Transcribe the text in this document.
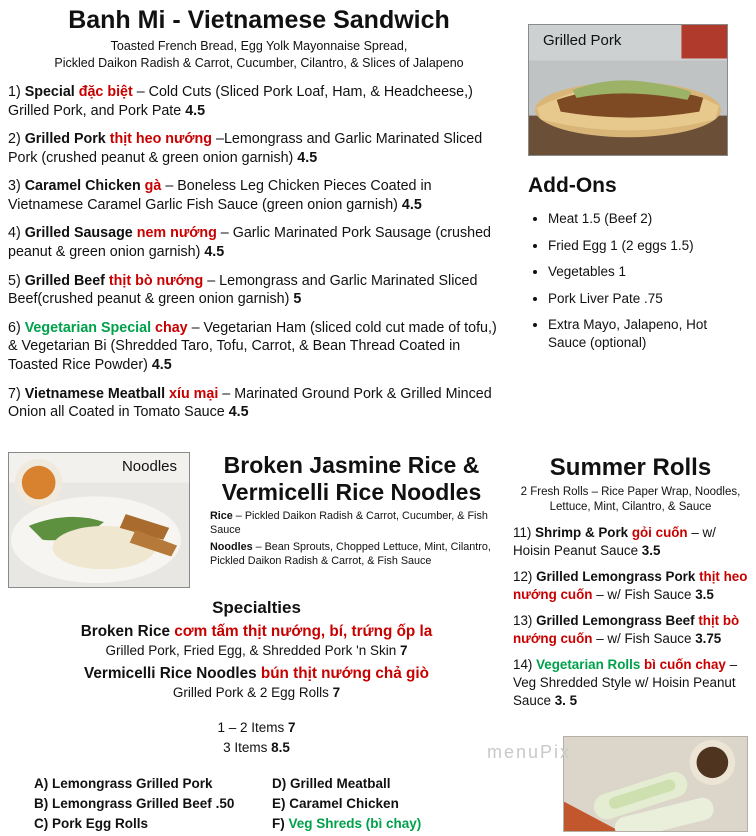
Banh Mi - Vietnamese Sandwich
Toasted French Bread, Egg Yolk Mayonnaise Spread,
Pickled Daikon Radish & Carrot, Cucumber, Cilantro, & Slices of Jalapeno

1) Special đặc biệt – Cold Cuts (Sliced Pork Loaf, Ham, & Headcheese,) Grilled Pork, and Pork Pate 4.5

2) Grilled Pork thịt heo nướng –Lemongrass and Garlic Marinated Sliced Pork (crushed peanut & green onion garnish) 4.5

3) Caramel Chicken gà – Boneless Leg Chicken Pieces Coated in Vietnamese Caramel Garlic Fish Sauce (green onion garnish) 4.5

4) Grilled Sausage nem nướng – Garlic Marinated Pork Sausage (crushed peanut & green onion garnish) 4.5

5) Grilled Beef thịt bò nướng – Lemongrass and Garlic Marinated Sliced Beef(crushed peanut & green onion garnish) 5

6) Vegetarian Special chay – Vegetarian Ham (sliced cold cut made of tofu,) & Vegetarian Bi (Shredded Taro, Tofu, Carrot, & Bean Thread Coated in Toasted Rice Powder) 4.5

7) Vietnamese Meatball xíu mại – Marinated Ground Pork & Grilled Minced Onion all Coated in Tomato Sauce 4.5

Grilled Pork
Add-Ons
• Meat 1.5 (Beef 2)
• Fried Egg 1 (2 eggs 1.5)
• Vegetables 1
• Pork Liver Pate .75
• Extra Mayo, Jalapeno, Hot Sauce (optional)
Noodles	Broken Jasmine Rice &
Vermicelli Rice Noodles

Rice – Pickled Daikon Radish & Carrot, Cucumber, & Fish Sauce

Noodles – Bean Sprouts, Chopped Lettuce, Mint, Cilantro, Pickled Daikon Radish & Carrot, & Fish Sauce

Specialties

Broken Rice cơm tấm thịt nướng, bí, trứng ốp la

Grilled Pork, Fried Egg, & Shredded Pork 'n Skin 7

Vermicelli Rice Noodles bún thịt nướng chả giò

Grilled Pork & 2 Egg Rolls 7

1 – 2 Items 7

3 Items 8.5

A) Lemongrass Grilled Pork

B) Lemongrass Grilled Beef .50

C) Pork Egg Rolls

D) Grilled Meatball

E) Caramel Chicken

F) Veg Shreds (bì chay)

Summer Rolls

2 Fresh Rolls – Rice Paper Wrap, Noodles, Lettuce, Mint, Cilantro, & Sauce

11) Shrimp & Pork gỏi cuốn – w/ Hoisin Peanut Sauce 3.5

12) Grilled Lemongrass Pork thịt heo nướng cuốn – w/ Fish Sauce 3.5

13) Grilled Lemongrass Beef thịt bò nướng cuốn – w/ Fish Sauce 3.75

14) Vegetarian Rolls bì cuốn chay – Veg Shredded Style w/ Hoisin Peanut Sauce 3. 5

menuPix
